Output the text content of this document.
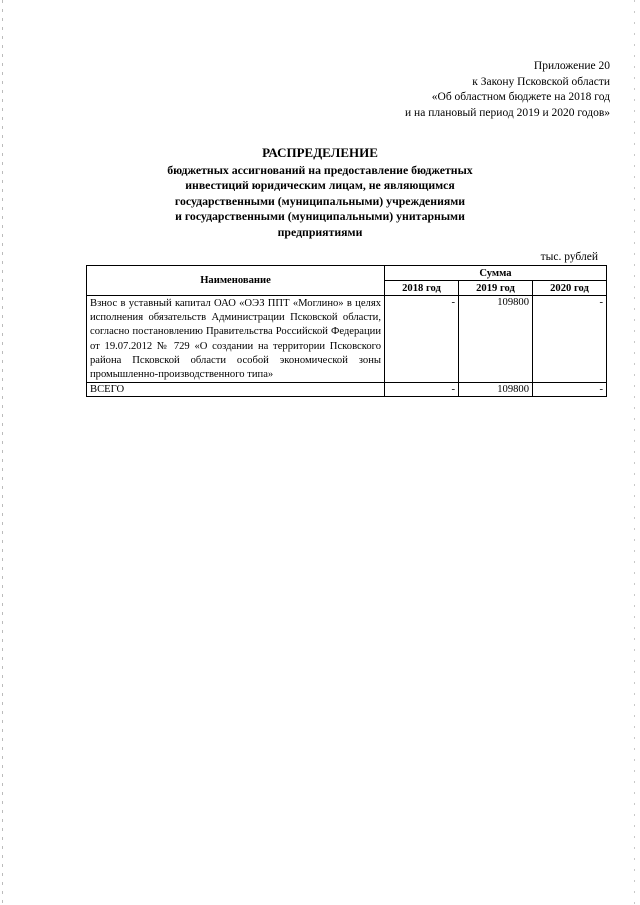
Приложение 20
к Закону Псковской области
«Об областном бюджете на 2018 год
и на плановый период 2019 и 2020 годов»
РАСПРЕДЕЛЕНИЕ
бюджетных ассигнований на предоставление бюджетных
инвестиций юридическим лицам, не являющимся
государственными (муниципальными) учреждениями
и государственными (муниципальными) унитарными
предприятиями
тыс. рублей
Наименование	Сумма		
	2018 год	2019 год	2020 год
Взнос в уставный капитал ОАО «ОЭЗ ППТ «Моглино» в целях исполнения обязательств Администрации Псковской области, согласно постановлению Правительства Российской Федерации от 19.07.2012 № 729 «О создании на территории Псковского района Псковской области особой экономической зоны промышленно-производственного типа»	-	109800	-
ВСЕГО	-	109800	-
